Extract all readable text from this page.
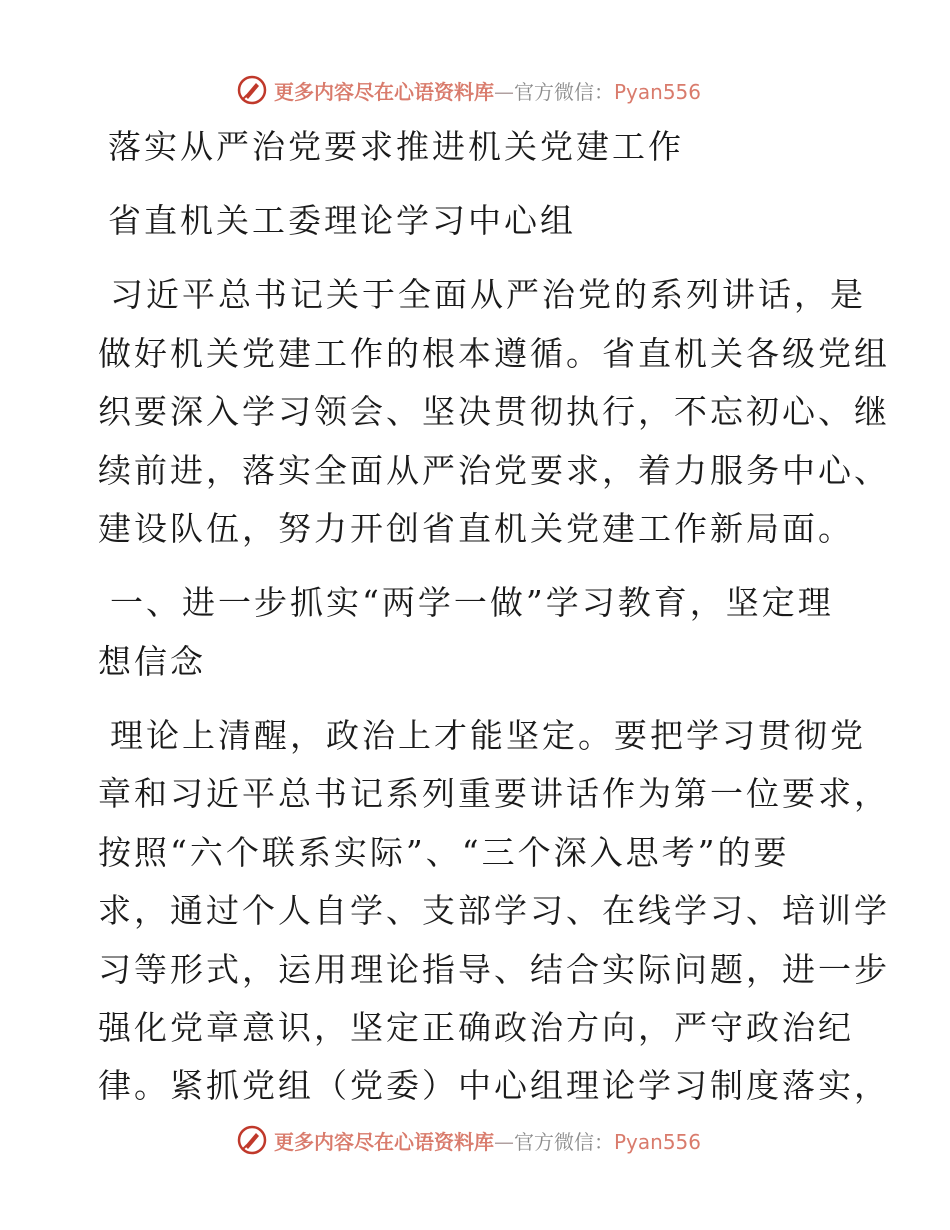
更多内容尽在心语资料库—官方微信：Pyan556
落实从严治党要求推进机关党建工作
省直机关工委理论学习中心组
习近平总书记关于全面从严治党的系列讲话，是
做好机关党建工作的根本遵循。省直机关各级党组
织要深入学习领会、坚决贯彻执行，不忘初心、继
续前进，落实全面从严治党要求，着力服务中心、
建设队伍，努力开创省直机关党建工作新局面。
一、进一步抓实“两学一做”学习教育，坚定理
想信念
理论上清醒，政治上才能坚定。要把学习贯彻党
章和习近平总书记系列重要讲话作为第一位要求，
按照“六个联系实际”、“三个深入思考”的要
求，通过个人自学、支部学习、在线学习、培训学
习等形式，运用理论指导、结合实际问题，进一步
强化党章意识，坚定正确政治方向，严守政治纪
律。紧抓党组（党委）中心组理论学习制度落实，
更多内容尽在心语资料库—官方微信：Pyan556
